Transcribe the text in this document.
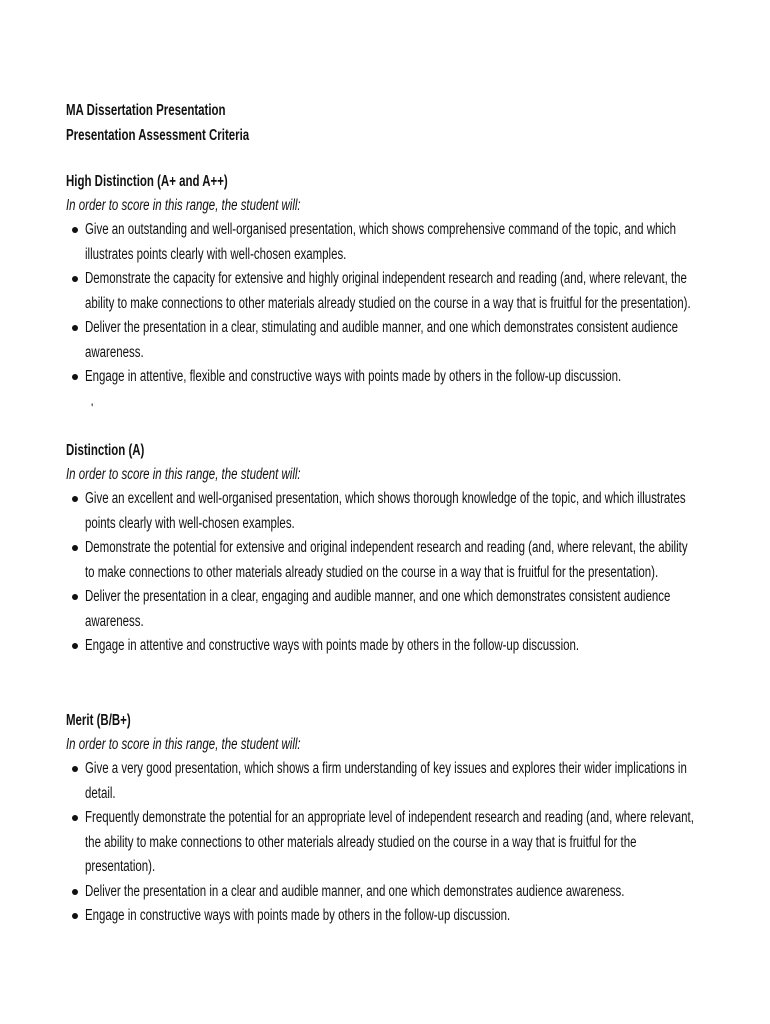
MA Dissertation Presentation
Presentation Assessment Criteria
High Distinction (A+ and A++)
In order to score in this range, the student will:
Give an outstanding and well-organised presentation, which shows comprehensive command of the topic, and which illustrates points clearly with well-chosen examples.
Demonstrate the capacity for extensive and highly original independent research and reading (and, where relevant, the ability to make connections to other materials already studied on the course in a way that is fruitful for the presentation).
Deliver the presentation in a clear, stimulating and audible manner, and one which demonstrates consistent audience awareness.
Engage in attentive, flexible and constructive ways with points made by others in the follow-up discussion.
'
Distinction (A)
In order to score in this range, the student will:
Give an excellent and well-organised presentation, which shows thorough knowledge of the topic, and which illustrates points clearly with well-chosen examples.
Demonstrate the potential for extensive and original independent research and reading (and, where relevant, the ability to make connections to other materials already studied on the course in a way that is fruitful for the presentation).
Deliver the presentation in a clear, engaging and audible manner, and one which demonstrates consistent audience awareness.
Engage in attentive and constructive ways with points made by others in the follow-up discussion.
Merit (B/B+)
In order to score in this range, the student will:
Give a very good presentation, which shows a firm understanding of key issues and explores their wider implications in detail.
Frequently demonstrate the potential for an appropriate level of independent research and reading (and, where relevant, the ability to make connections to other materials already studied on the course in a way that is fruitful for the presentation).
Deliver the presentation in a clear and audible manner, and one which demonstrates audience awareness.
Engage in constructive ways with points made by others in the follow-up discussion.
